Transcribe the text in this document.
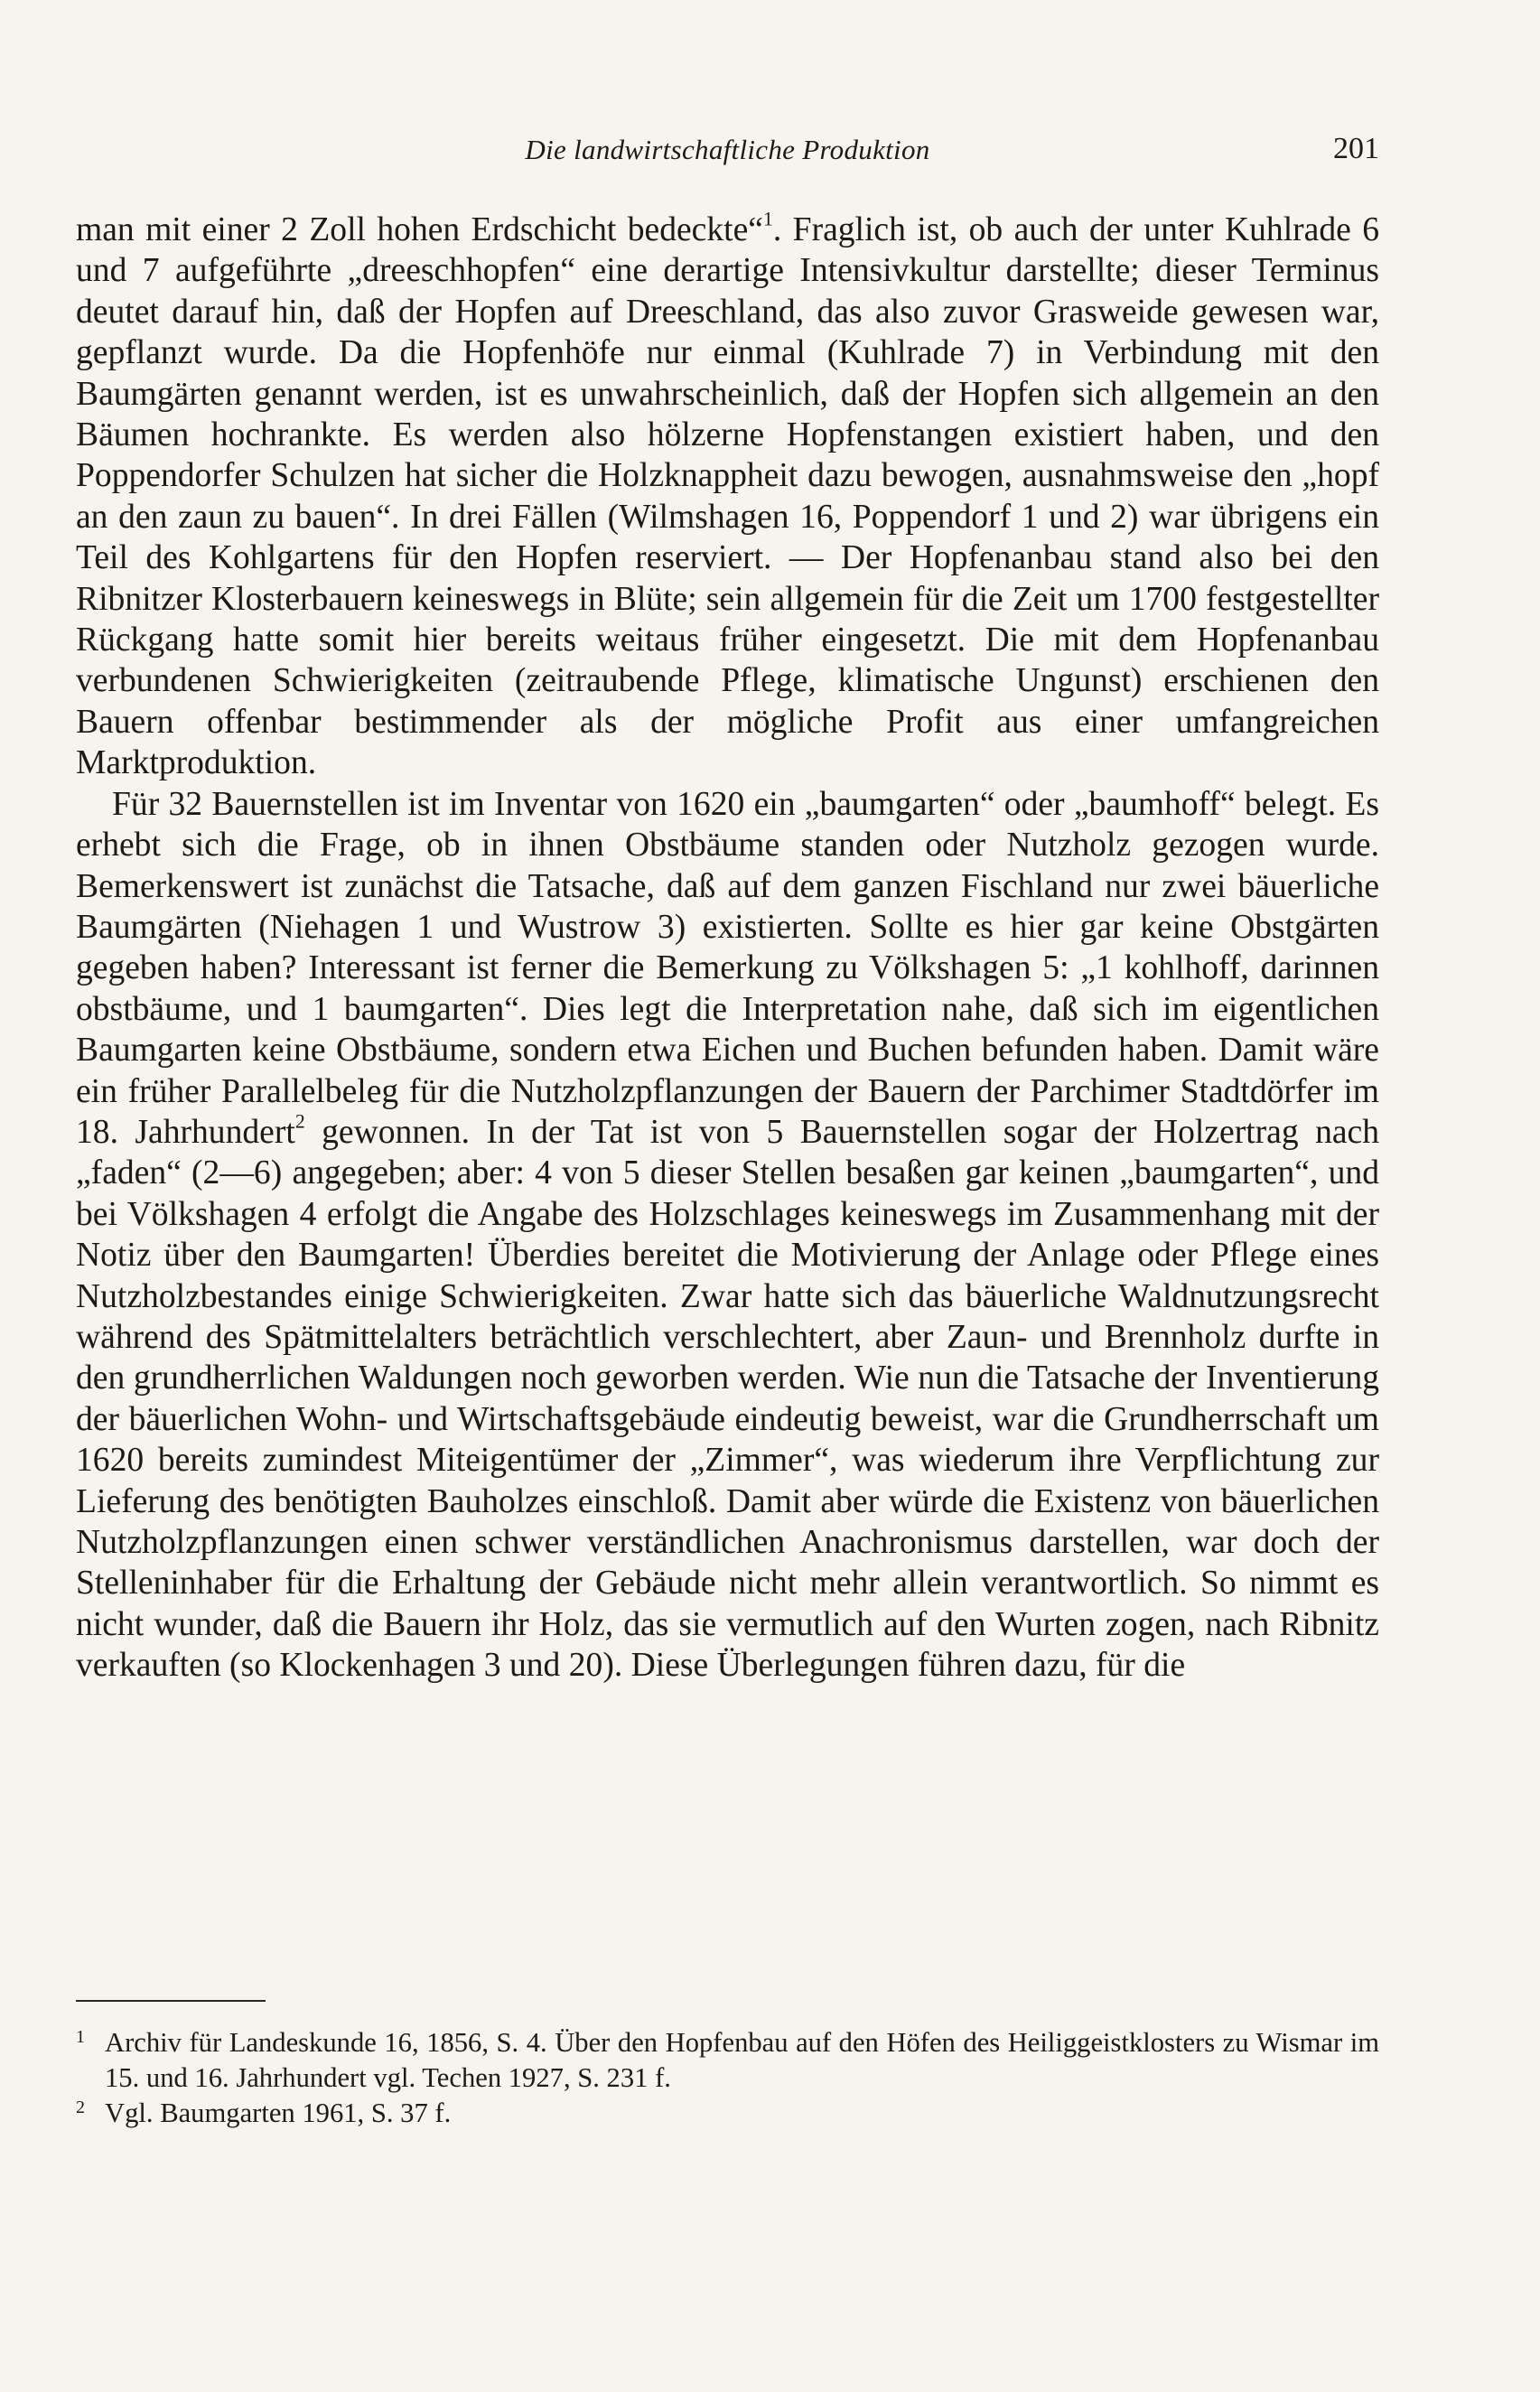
Die landwirtschaftliche Produktion	201

man mit einer 2 Zoll hohen Erdschicht bedeckte“$^1$. Fraglich ist, ob auch der unter Kuhlrade 6 und 7 aufgeführte „dreeschhopfen“ eine derartige Intensivkultur darstellte; dieser Terminus deutet darauf hin, daß der Hopfen auf Dreeschland, das also zuvor Grasweide gewesen war, gepflanzt wurde. Da die Hopfenhöfe nur einmal (Kuhlrade 7) in Verbindung mit den Baumgärten genannt werden, ist es unwahrscheinlich, daß der Hopfen sich allgemein an den Bäumen hochrankte. Es werden also hölzerne Hopfenstangen existiert haben, und den Poppendorfer Schulzen hat sicher die Holzknappheit dazu bewogen, ausnahmsweise den „hopf an den zaun zu bauen“. In drei Fällen (Wilmshagen 16, Poppendorf 1 und 2) war übrigens ein Teil des Kohlgartens für den Hopfen reserviert. — Der Hopfenanbau stand also bei den Ribnitzer Klosterbauern keineswegs in Blüte; sein allgemein für die Zeit um 1700 festgestellter Rückgang hatte somit hier bereits weitaus früher eingesetzt. Die mit dem Hopfenanbau verbundenen Schwierigkeiten (zeitraubende Pflege, klimatische Ungunst) erschienen den Bauern offenbar bestimmender als der mögliche Profit aus einer umfangreichen Marktproduktion.

Für 32 Bauernstellen ist im Inventar von 1620 ein „baumgarten“ oder „baumhoff“ belegt. Es erhebt sich die Frage, ob in ihnen Obstbäume standen oder Nutzholz gezogen wurde. Bemerkenswert ist zunächst die Tatsache, daß auf dem ganzen Fischland nur zwei bäuerliche Baumgärten (Niehagen 1 und Wustrow 3) existierten. Sollte es hier gar keine Obstgärten gegeben haben? Interessant ist ferner die Bemerkung zu Völkshagen 5: „1 kohlhoff, darinnen obstbäume, und 1 baumgarten“. Dies legt die Interpretation nahe, daß sich im eigentlichen Baumgarten keine Obstbäume, sondern etwa Eichen und Buchen befunden haben. Damit wäre ein früher Parallelbeleg für die Nutzholzpflanzungen der Bauern der Parchimer Stadtdörfer im 18. Jahrhundert$^2$ gewonnen. In der Tat ist von 5 Bauernstellen sogar der Holzertrag nach „faden“ (2—6) angegeben; aber: 4 von 5 dieser Stellen besaßen gar keinen „baumgarten“, und bei Völkshagen 4 erfolgt die Angabe des Holzschlages keineswegs im Zusammenhang mit der Notiz über den Baumgarten! Überdies bereitet die Motivierung der Anlage oder Pflege eines Nutzholzbestandes einige Schwierigkeiten. Zwar hatte sich das bäuerliche Waldnutzungsrecht während des Spätmittelalters beträchtlich verschlechtert, aber Zaun- und Brennholz durfte in den grundherrlichen Waldungen noch geworben werden. Wie nun die Tatsache der Inventierung der bäuerlichen Wohn- und Wirtschaftsgebäude eindeutig beweist, war die Grundherrschaft um 1620 bereits zumindest Miteigentümer der „Zimmer“, was wiederum ihre Verpflichtung zur Lieferung des benötigten Bauholzes einschloß. Damit aber würde die Existenz von bäuerlichen Nutzholzpflanzungen einen schwer verständlichen Anachronismus darstellen, war doch der Stelleninhaber für die Erhaltung der Gebäude nicht mehr allein verantwortlich. So nimmt es nicht wunder, daß die Bauern ihr Holz, das sie vermutlich auf den Wurten zogen, nach Ribnitz verkauften (so Klockenhagen 3 und 20). Diese Überlegungen führen dazu, für die

1 Archiv für Landeskunde 16, 1856, S. 4. Über den Hopfenbau auf den Höfen des Heiliggeistklosters zu Wismar im 15. und 16. Jahrhundert vgl. Techen 1927, S. 231 f.
2 Vgl. Baumgarten 1961, S. 37 f.
